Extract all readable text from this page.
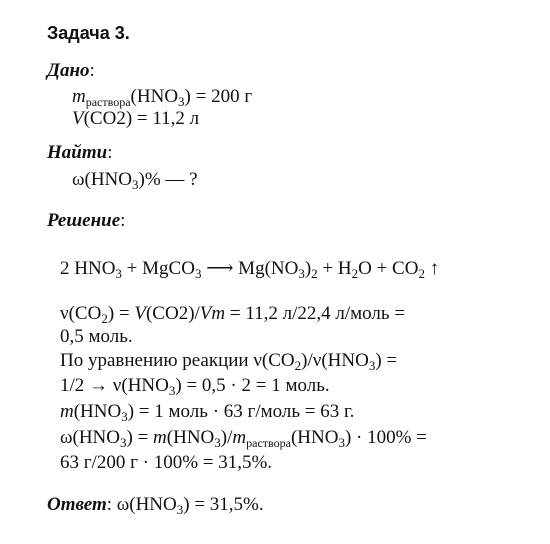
Задача 3.
Дано:
$m_{раствора}(HNO_3) = 200$ г
V(CO2) = 11,2 л
Найти:
$\omega(HNO_3)\%$ — ?
Решение:
2 $HNO_3$ + MgCO$_3$ ⟶ $Mg(NO_3)_2 + H_2O + CO_2$ ↑
$\nu(CO_2) = V(CO2)/Vm = 11,2$ л/22,4 л/моль =
0,5 моль.
По уравнению реакции $\nu(CO_2)/\nu(HNO_3)$ =
$1/2 \to \nu(HNO_3) = 0,5 \cdot 2 = 1$ моль.
$m(HNO_3) = 1$ моль · 63 г/моль = 63 г.
$\omega(HNO_3) = m(HNO_3)/m_{раствора}(HNO_3) \cdot 100\%$ =
63 г/200 г · 100% = 31,5%.
Ответ: $\omega(HNO_3) = 31,5\%$.
